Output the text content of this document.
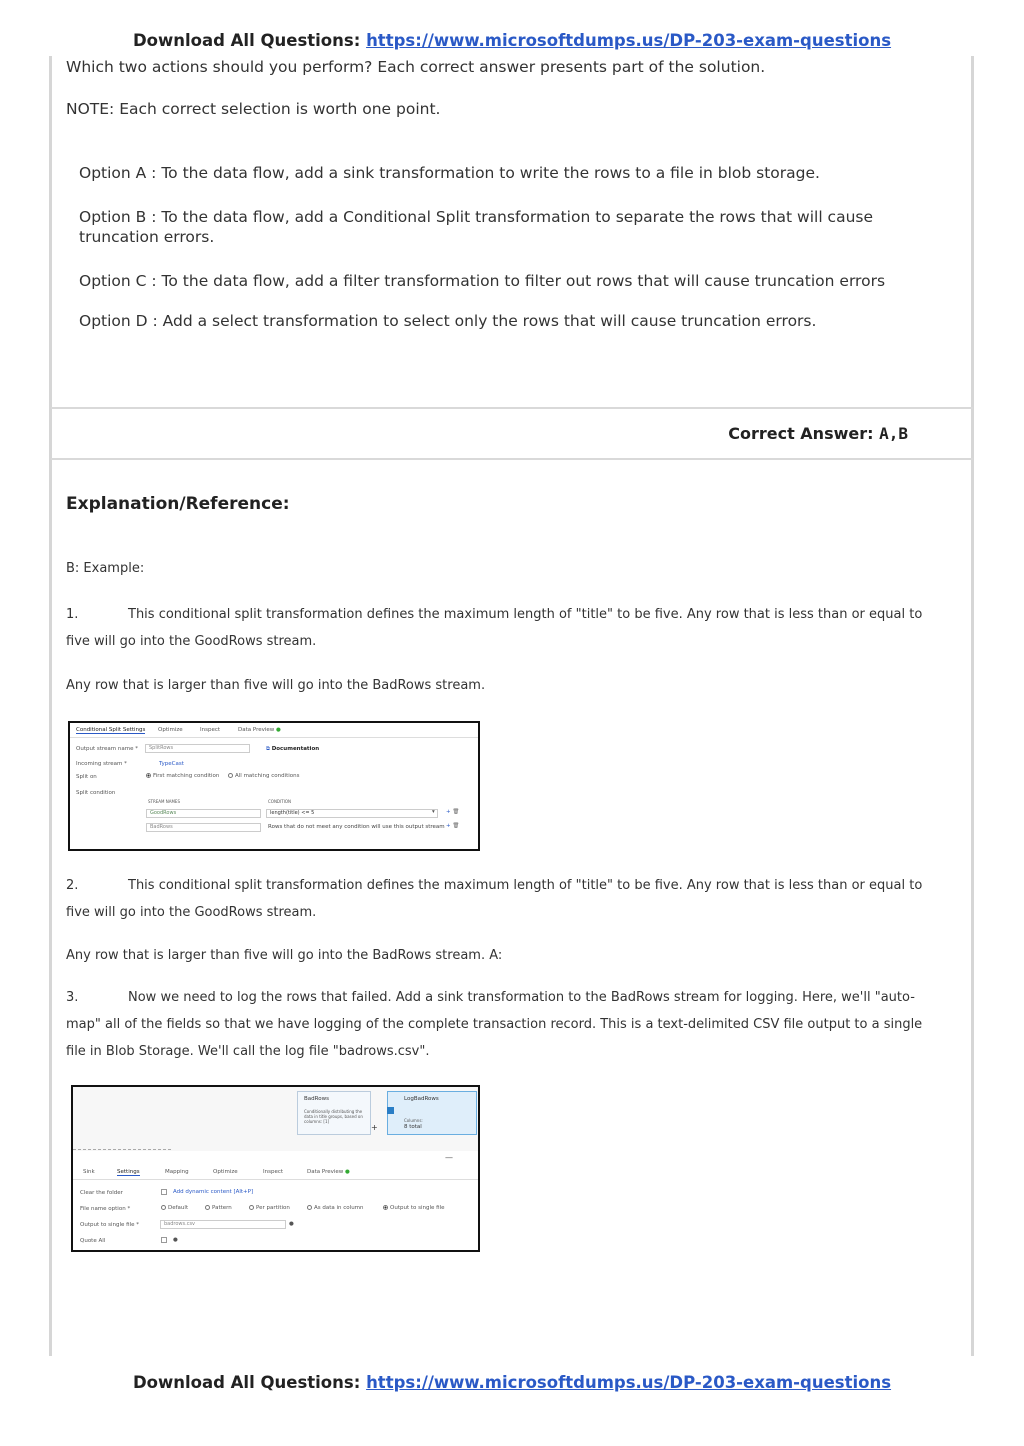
Download All Questions: https://www.microsoftdumps.us/DP-203-exam-questions
Which two actions should you perform? Each correct answer presents part of the solution.
NOTE: Each correct selection is worth one point.
Option A : To the data flow, add a sink transformation to write the rows to a file in blob storage.
Option B : To the data flow, add a Conditional Split transformation to separate the rows that will cause truncation errors.
Option C : To the data flow, add a filter transformation to filter out rows that will cause truncation errors
Option D : Add a select transformation to select only the rows that will cause truncation errors.
Correct Answer: A,B
Explanation/Reference:
B: Example:
1.	This conditional split transformation defines the maximum length of "title" to be five. Any row that is less than or equal to
five will go into the GoodRows stream.
Any row that is larger than five will go into the BadRows stream.
Conditional Split Settings Optimize	Inspect	Data Preview ●
Output stream name *	SplitRows	⧉ Documentation
Incoming stream *	TypeCast
Split on	First matching condition	All matching conditions
Split condition
STREAM NAMES	CONDITION
GoodRows	length(title) <= 5	▾ + 🗑
BadRows	Rows that do not meet any condition will use this output stream + 🗑
2.	This conditional split transformation defines the maximum length of "title" to be five. Any row that is less than or equal to
five will go into the GoodRows stream.
Any row that is larger than five will go into the BadRows stream. A:
3.	Now we need to log the rows that failed. Add a sink transformation to the BadRows stream for logging. Here, we'll "auto-
map" all of the fields so that we have logging of the complete transaction record. This is a text-delimited CSV file output to a single file in Blob Storage. We'll call the log file "badrows.csv".
BadRows
Conditionally distributing the data in title groups, based on columns: [1]
+
LogBadRows
Columns:
8 total
—
Sink	Settings	Mapping	Optimize	Inspect	Data Preview ●
Clear the folder	Add dynamic content [Alt+P]
File name option *	Default	Pattern	Per partition	As data in column	Output to single file
Output to single file *	badrows.csv	●
Quote All	●
Download All Questions: https://www.microsoftdumps.us/DP-203-exam-questions
